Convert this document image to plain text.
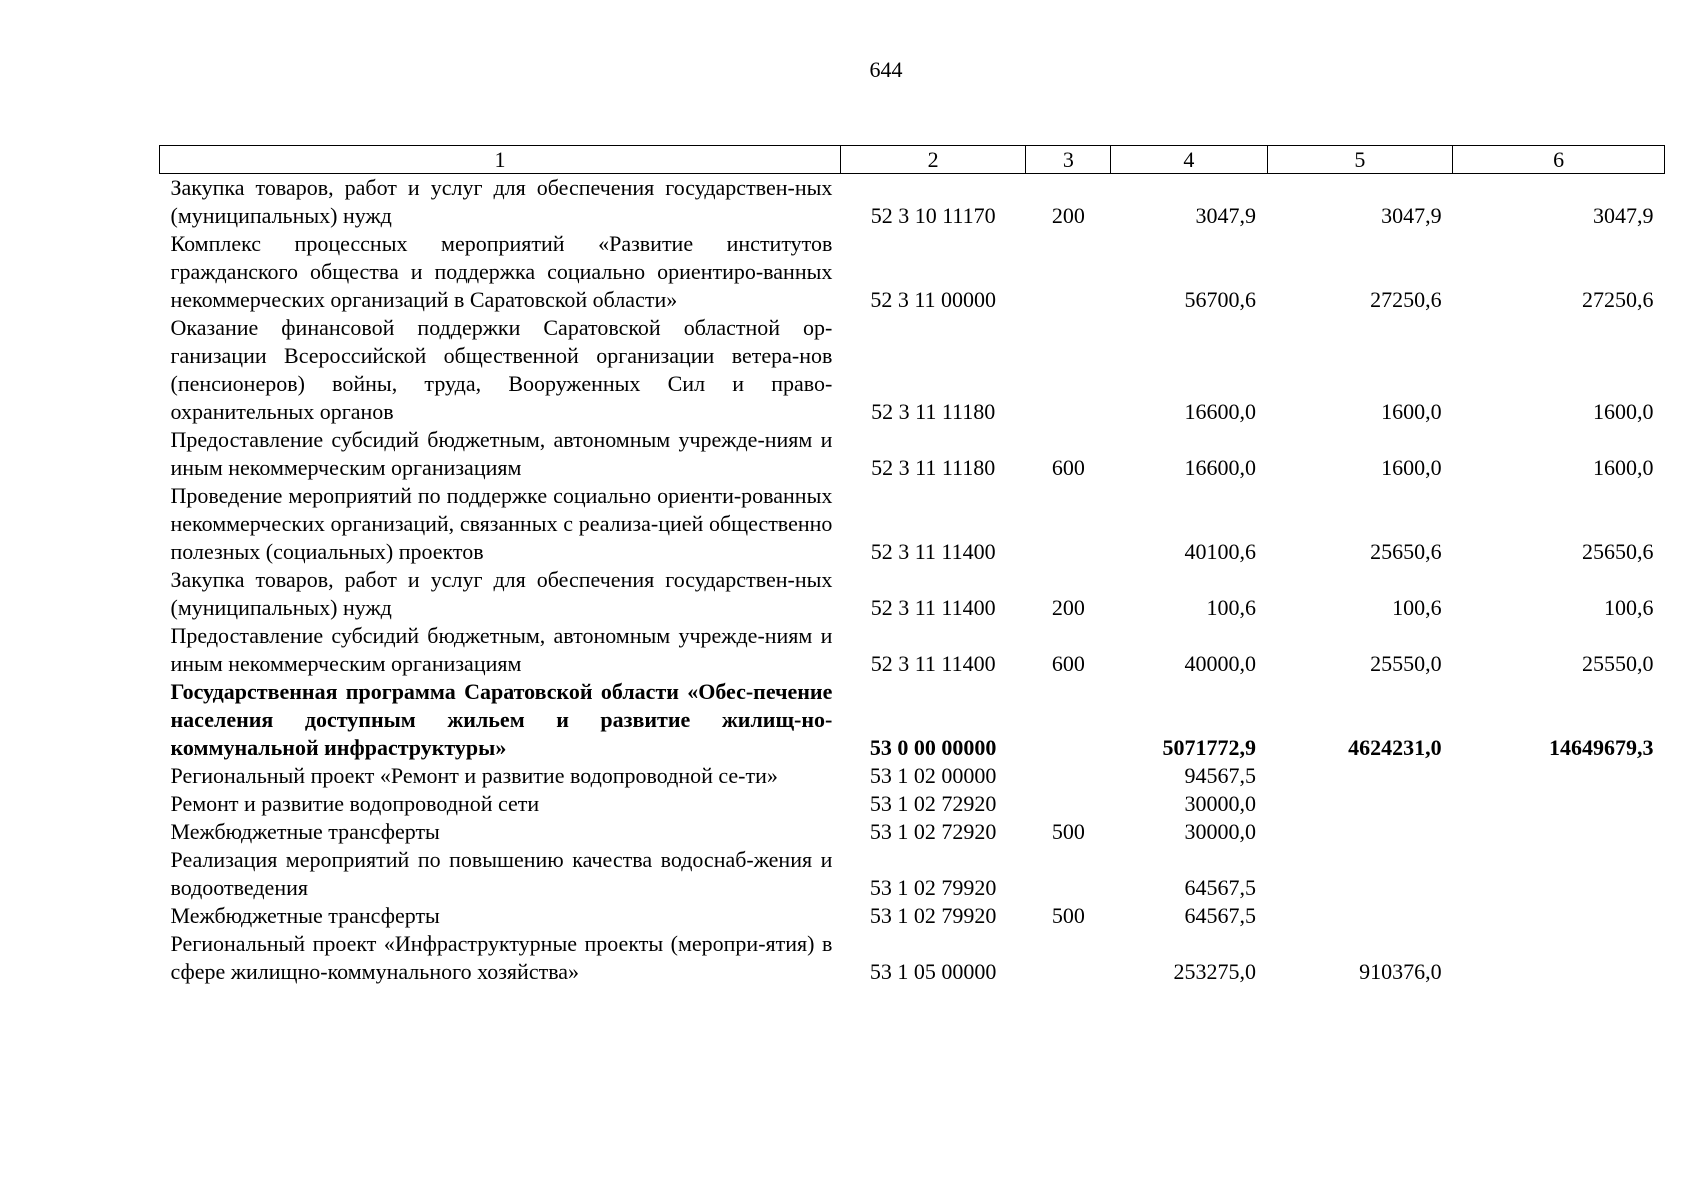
644
1	2	3	4	5	6
Закупка товаров, работ и услуг для обеспечения государствен-ных (муниципальных) нужд	52 3 10 11170	200	3047,9	3047,9	3047,9
Комплекс процессных мероприятий «Развитие институтов гражданского общества и поддержка социально ориентиро-ванных некоммерческих организаций в Саратовской области»	52 3 11 00000		56700,6	27250,6	27250,6
Оказание финансовой поддержки Саратовской областной ор-ганизации Всероссийской общественной организации ветера-нов (пенсионеров) войны, труда, Вооруженных Сил и право-охранительных органов	52 3 11 11180		16600,0	1600,0	1600,0
Предоставление субсидий бюджетным, автономным учрежде-ниям и иным некоммерческим организациям	52 3 11 11180	600	16600,0	1600,0	1600,0
Проведение мероприятий по поддержке социально ориенти-рованных некоммерческих организаций, связанных с реализа-цией общественно полезных (социальных) проектов	52 3 11 11400		40100,6	25650,6	25650,6
Закупка товаров, работ и услуг для обеспечения государствен-ных (муниципальных) нужд	52 3 11 11400	200	100,6	100,6	100,6
Предоставление субсидий бюджетным, автономным учрежде-ниям и иным некоммерческим организациям	52 3 11 11400	600	40000,0	25550,0	25550,0
Государственная программа Саратовской области «Обес-печение населения доступным жильем и развитие жилищ-но-коммунальной инфраструктуры»	53 0 00 00000		5071772,9	4624231,0	14649679,3
Региональный проект «Ремонт и развитие водопроводной се-ти»	53 1 02 00000		94567,5		
Ремонт и развитие водопроводной сети	53 1 02 72920		30000,0		
Межбюджетные трансферты	53 1 02 72920	500	30000,0		
Реализация мероприятий по повышению качества водоснаб-жения и водоотведения	53 1 02 79920		64567,5		
Межбюджетные трансферты	53 1 02 79920	500	64567,5		
Региональный проект «Инфраструктурные проекты (меропри-ятия) в сфере жилищно-коммунального хозяйства»	53 1 05 00000		253275,0	910376,0	
